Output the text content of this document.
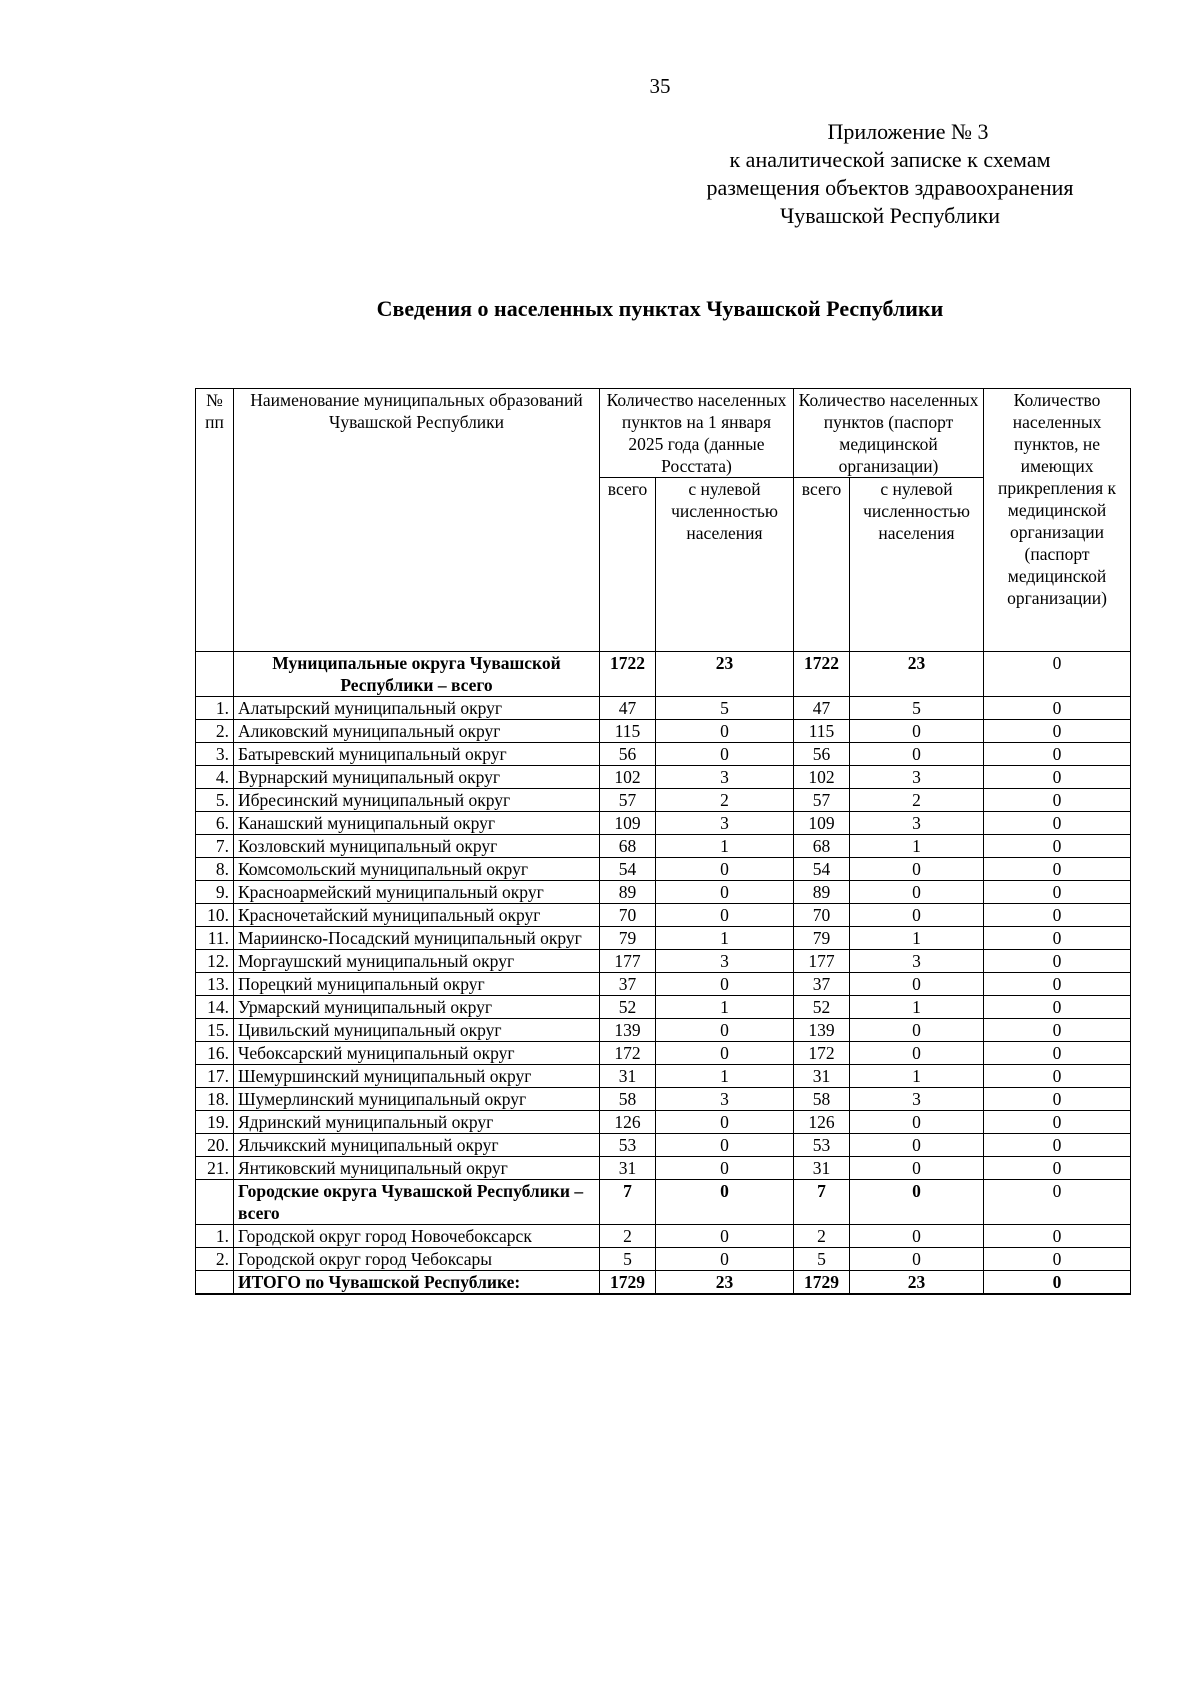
35
Приложение № 3
к аналитической записке к схемам
размещения объектов здравоохранения
Чувашской Республики
Сведения о населенных пунктах Чувашской Республики
№ пп	Наименование муниципальных образований Чувашской Республики	Количество населенных пунктов на 1 января 2025 года (данные Росстата)		Количество населенных пунктов (паспорт медицинской организации)		Количество населенных пунктов, не имеющих прикрепления к медицинской организации (паспорт медицинской организации)
		всего	с нулевой численностью населения	всего	с нулевой численностью населения	
	Муниципальные округа Чувашской Республики – всего	1722	23	1722	23	0
1.	Алатырский муниципальный округ	47	5	47	5	0
2.	Аликовский муниципальный округ	115	0	115	0	0
3.	Батыревский муниципальный округ	56	0	56	0	0
4.	Вурнарский муниципальный округ	102	3	102	3	0
5.	Ибресинский муниципальный округ	57	2	57	2	0
6.	Канашский муниципальный округ	109	3	109	3	0
7.	Козловский муниципальный округ	68	1	68	1	0
8.	Комсомольский муниципальный округ	54	0	54	0	0
9.	Красноармейский муниципальный округ	89	0	89	0	0
10.	Красночетайский муниципальный округ	70	0	70	0	0
11.	Мариинско-Посадский муниципальный округ	79	1	79	1	0
12.	Моргаушский муниципальный округ	177	3	177	3	0
13.	Порецкий муниципальный округ	37	0	37	0	0
14.	Урмарский муниципальный округ	52	1	52	1	0
15.	Цивильский муниципальный округ	139	0	139	0	0
16.	Чебоксарский муниципальный округ	172	0	172	0	0
17.	Шемуршинский муниципальный округ	31	1	31	1	0
18.	Шумерлинский муниципальный округ	58	3	58	3	0
19.	Ядринский муниципальный округ	126	0	126	0	0
20.	Яльчикский муниципальный округ	53	0	53	0	0
21.	Янтиковский муниципальный округ	31	0	31	0	0
	Городские округа Чувашской Республики – всего	7	0	7	0	0
1.	Городской округ город Новочебоксарск	2	0	2	0	0
2.	Городской округ город Чебоксары	5	0	5	0	0
	ИТОГО по Чувашской Республике:	1729	23	1729	23	0
